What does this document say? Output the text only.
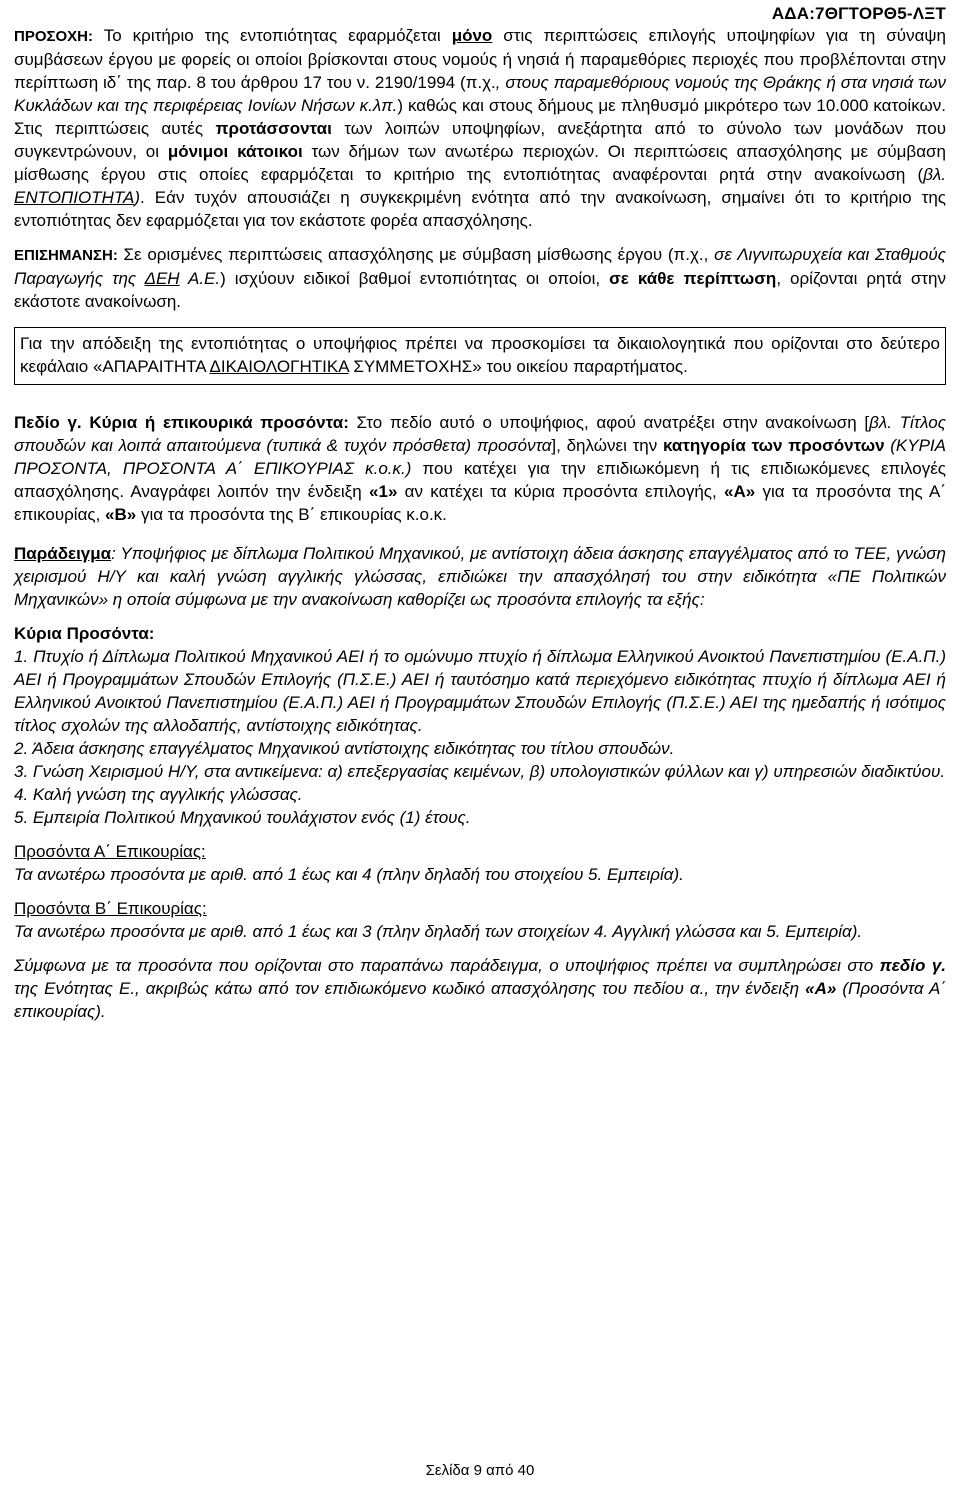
ΑΔΑ:7ΘΓΤΟΡΘ5-ΛΞΤ

ΠΡΟΣΟΧΗ: Το κριτήριο της εντοπιότητας εφαρμόζεται μόνο στις περιπτώσεις επιλογής υποψηφίων για τη σύναψη συμβάσεων έργου με φορείς οι οποίοι βρίσκονται στους νομούς ή νησιά ή παραμεθόριες περιοχές που προβλέπονται στην περίπτωση ιδ΄ της παρ. 8 του άρθρου 17 του ν. 2190/1994 (π.χ., στους παραμεθόριους νομούς της Θράκης ή στα νησιά των Κυκλάδων και της περιφέρειας Ιονίων Νήσων κ.λπ.) καθώς και στους δήμους με πληθυσμό μικρότερο των 10.000 κατοίκων. Στις περιπτώσεις αυτές προτάσσονται των λοιπών υποψηφίων, ανεξάρτητα από το σύνολο των μονάδων που συγκεντρώνουν, οι μόνιμοι κάτοικοι των δήμων των ανωτέρω περιοχών. Οι περιπτώσεις απασχόλησης με σύμβαση μίσθωσης έργου στις οποίες εφαρμόζεται το κριτήριο της εντοπιότητας αναφέρονται ρητά στην ανακοίνωση (βλ. ΕΝΤΟΠΙΟΤΗΤΑ). Εάν τυχόν απουσιάζει η συγκεκριμένη ενότητα από την ανακοίνωση, σημαίνει ότι το κριτήριο της εντοπιότητας δεν εφαρμόζεται για τον εκάστοτε φορέα απασχόλησης.

ΕΠΙΣΗΜΑΝΣΗ: Σε ορισμένες περιπτώσεις απασχόλησης με σύμβαση μίσθωσης έργου (π.χ., σε Λιγνιτωρυχεία και Σταθμούς Παραγωγής της ΔΕΗ Α.Ε.) ισχύουν ειδικοί βαθμοί εντοπιότητας οι οποίοι, σε κάθε περίπτωση, ορίζονται ρητά στην εκάστοτε ανακοίνωση.

Για την απόδειξη της εντοπιότητας ο υποψήφιος πρέπει να προσκομίσει τα δικαιολογητικά που ορίζονται στο δεύτερο κεφάλαιο «ΑΠΑΡΑΙΤΗΤΑ ΔΙΚΑΙΟΛΟΓΗΤΙΚΑ ΣΥΜΜΕΤΟΧΗΣ» του οικείου παραρτήματος.

Πεδίο γ. Κύρια ή επικουρικά προσόντα: Στο πεδίο αυτό ο υποψήφιος, αφού ανατρέξει στην ανακοίνωση [βλ. Τίτλος σπουδών και λοιπά απαιτούμενα (τυπικά & τυχόν πρόσθετα) προσόντα], δηλώνει την κατηγορία των προσόντων (ΚΥΡΙΑ ΠΡΟΣΟΝΤΑ, ΠΡΟΣΟΝΤΑ Α΄ ΕΠΙΚΟΥΡΙΑΣ κ.ο.κ.) που κατέχει για την επιδιωκόμενη ή τις επιδιωκόμενες επιλογές απασχόλησης. Αναγράφει λοιπόν την ένδειξη «1» αν κατέχει τα κύρια προσόντα επιλογής, «Α» για τα προσόντα της Α΄ επικουρίας, «Β» για τα προσόντα της Β΄ επικουρίας κ.ο.κ.

Παράδειγμα: Υποψήφιος με δίπλωμα Πολιτικού Μηχανικού, με αντίστοιχη άδεια άσκησης επαγγέλματος από το ΤΕΕ, γνώση χειρισμού Η/Υ και καλή γνώση αγγλικής γλώσσας, επιδιώκει την απασχόλησή του στην ειδικότητα «ΠΕ Πολιτικών Μηχανικών» η οποία σύμφωνα με την ανακοίνωση καθορίζει ως προσόντα επιλογής τα εξής:

Κύρια Προσόντα:

1. Πτυχίο ή Δίπλωμα Πολιτικού Μηχανικού ΑΕΙ ή το ομώνυμο πτυχίο ή δίπλωμα Ελληνικού Ανοικτού Πανεπιστημίου (Ε.Α.Π.) ΑΕΙ ή Προγραμμάτων Σπουδών Επιλογής (Π.Σ.Ε.) ΑΕΙ ή ταυτόσημο κατά περιεχόμενο ειδικότητας πτυχίο ή δίπλωμα ΑΕΙ ή Ελληνικού Ανοικτού Πανεπιστημίου (Ε.Α.Π.) ΑΕΙ ή Προγραμμάτων Σπουδών Επιλογής (Π.Σ.Ε.) ΑΕΙ της ημεδαπής ή ισότιμος τίτλος σχολών της αλλοδαπής, αντίστοιχης ειδικότητας.

2. Άδεια άσκησης επαγγέλματος Μηχανικού αντίστοιχης ειδικότητας του τίτλου σπουδών.

3. Γνώση Χειρισμού Η/Υ, στα αντικείμενα: α) επεξεργασίας κειμένων, β) υπολογιστικών φύλλων και γ) υπηρεσιών διαδικτύου.

4. Καλή γνώση της αγγλικής γλώσσας.

5. Εμπειρία Πολιτικού Μηχανικού τουλάχιστον ενός (1) έτους.

Προσόντα Α΄ Επικουρίας:

Τα ανωτέρω προσόντα με αριθ. από 1 έως και 4 (πλην δηλαδή του στοιχείου 5. Εμπειρία).

Προσόντα Β΄ Επικουρίας:

Τα ανωτέρω προσόντα με αριθ. από 1 έως και 3 (πλην δηλαδή των στοιχείων 4. Αγγλική γλώσσα και 5. Εμπειρία).

Σύμφωνα με τα προσόντα που ορίζονται στο παραπάνω παράδειγμα, ο υποψήφιος πρέπει να συμπληρώσει στο πεδίο γ. της Ενότητας Ε., ακριβώς κάτω από τον επιδιωκόμενο κωδικό απασχόλησης του πεδίου α., την ένδειξη «Α» (Προσόντα Α΄ επικουρίας).

Σελίδα 9 από 40
